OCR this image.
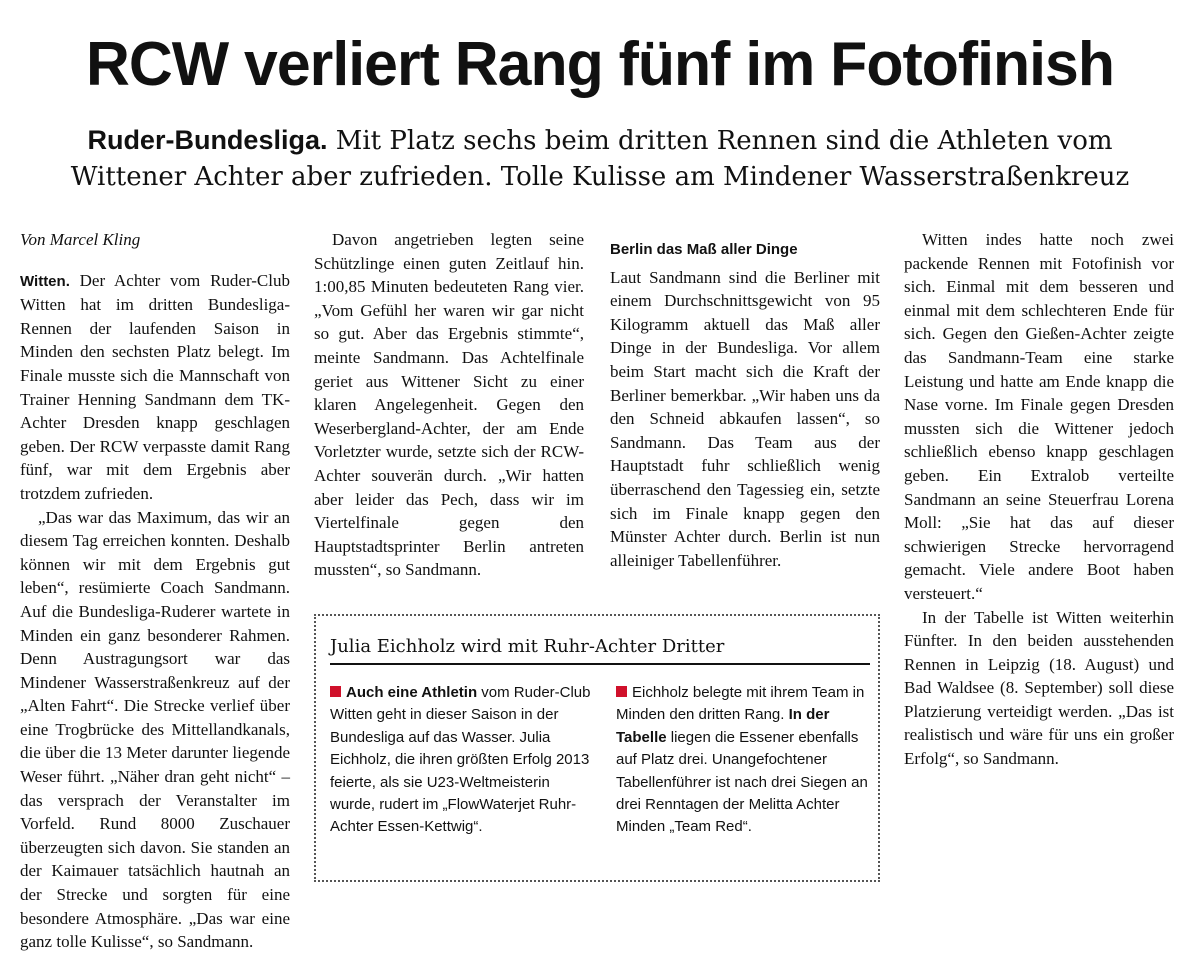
RCW verliert Rang fünf im Fotofinish

Ruder-Bundesliga. Mit Platz sechs beim dritten Rennen sind die Athleten vom Wittener Achter aber zufrieden. Tolle Kulisse am Mindener Wasserstraßenkreuz

Von Marcel Kling

Witten. Der Achter vom Ruder-Club Witten hat im dritten Bundesliga-Rennen der laufenden Saison in Minden den sechsten Platz belegt. Im Finale musste sich die Mannschaft von Trainer Henning Sandmann dem TK-Achter Dresden knapp geschlagen geben. Der RCW verpasste damit Rang fünf, war mit dem Ergebnis aber trotzdem zufrieden.

„Das war das Maximum, das wir an diesem Tag erreichen konnten. Deshalb können wir mit dem Ergebnis gut leben“, resümierte Coach Sandmann. Auf die Bundesliga-Ruderer wartete in Minden ein ganz besonderer Rahmen. Denn Austragungsort war das Mindener Wasserstraßenkreuz auf der „Alten Fahrt“. Die Strecke verlief über eine Trogbrücke des Mittellandkanals, die über die 13 Meter darunter liegende Weser führt. „Näher dran geht nicht“ – das versprach der Veranstalter im Vorfeld. Rund 8000 Zuschauer überzeugten sich davon. Sie standen an der Kaimauer tatsächlich hautnah an der Strecke und sorgten für eine besondere Atmosphäre. „Das war eine ganz tolle Kulisse“, so Sandmann.

Davon angetrieben legten seine Schützlinge einen guten Zeitlauf hin. 1:00,85 Minuten bedeuteten Rang vier. „Vom Gefühl her waren wir gar nicht so gut. Aber das Ergebnis stimmte“, meinte Sandmann. Das Achtelfinale geriet aus Wittener Sicht zu einer klaren Angelegenheit. Gegen den Weserbergland-Achter, der am Ende Vorletzter wurde, setzte sich der RCW-Achter souverän durch. „Wir hatten aber leider das Pech, dass wir im Viertelfinale gegen den Hauptstadtsprinter Berlin antreten mussten“, so Sandmann.

Berlin das Maß aller Dinge

Laut Sandmann sind die Berliner mit einem Durchschnittsgewicht von 95 Kilogramm aktuell das Maß aller Dinge in der Bundesliga. Vor allem beim Start macht sich die Kraft der Berliner bemerkbar. „Wir haben uns da den Schneid abkaufen lassen“, so Sandmann. Das Team aus der Hauptstadt fuhr schließlich wenig überraschend den Tagessieg ein, setzte sich im Finale knapp gegen den Münster Achter durch. Berlin ist nun alleiniger Tabellenführer.

Witten indes hatte noch zwei packende Rennen mit Fotofinish vor sich. Einmal mit dem besseren und einmal mit dem schlechteren Ende für sich. Gegen den Gießen-Achter zeigte das Sandmann-Team eine starke Leistung und hatte am Ende knapp die Nase vorne. Im Finale gegen Dresden mussten sich die Wittener jedoch schließlich ebenso knapp geschlagen geben. Ein Extralob verteilte Sandmann an seine Steuerfrau Lorena Moll: „Sie hat das auf dieser schwierigen Strecke hervorragend gemacht. Viele andere Boot haben versteuert.“

In der Tabelle ist Witten weiterhin Fünfter. In den beiden ausstehenden Rennen in Leipzig (18. August) und Bad Waldsee (8. September) soll diese Platzierung verteidigt werden. „Das ist realistisch und wäre für uns ein großer Erfolg“, so Sandmann.

Julia Eichholz wird mit Ruhr-Achter Dritter

Auch eine Athletin vom Ruder-Club Witten geht in dieser Saison in der Bundesliga auf das Wasser. Julia Eichholz, die ihren größten Erfolg 2013 feierte, als sie U23-Weltmeisterin wurde, rudert im „FlowWaterjet Ruhr-Achter Essen-Kettwig“.

Eichholz belegte mit ihrem Team in Minden den dritten Rang. In der Tabelle liegen die Essener ebenfalls auf Platz drei. Unangefochtener Tabellenführer ist nach drei Siegen an drei Renntagen der Melitta Achter Minden „Team Red“.
